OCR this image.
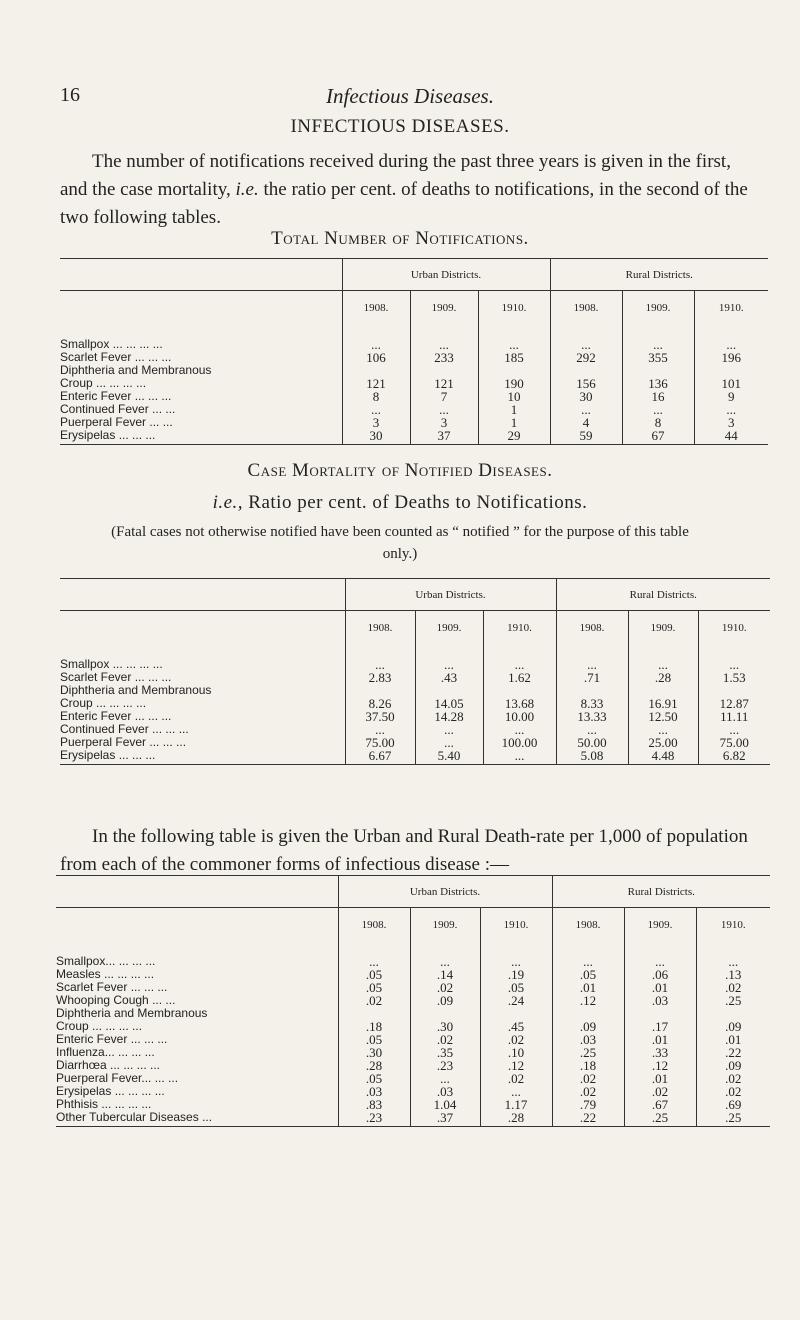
16	Infectious Diseases.
INFECTIOUS DISEASES.

The number of notifications received during the past three years is given in the first, and the case mortality, i.e. the ratio per cent. of deaths to notifications, in the second of the two following tables.

Total Number of Notifications.
	Urban Districts.			Rural Districts.		
	1908.	1909.	1910.	1908.	1909.	1910.

Smallpox ... ... ... ...	...	...	...	...	...	...
Scarlet Fever ... ... ...	106	233	185	292	355	196
Diphtheria and Membranous						
Croup ... ... ... ...	121	121	190	156	136	101
Enteric Fever ... ... ...	8	7	10	30	16	9
Continued Fever ... ...	...	...	1	...	...	...
Puerperal Fever ... ...	3	3	1	4	8	3
Erysipelas ... ... ...	30	37	29	59	67	44

Case Mortality of Notified Diseases.
i.e., Ratio per cent. of Deaths to Notifications.

(Fatal cases not otherwise notified have been counted as “ notified ” for the purpose of this table only.)

	Urban Districts.			Rural Districts.		
	1908.	1909.	1910.	1908.	1909.	1910.

Smallpox ... ... ... ...	...	...	...	...	...	...
Scarlet Fever ... ... ...	2.83	.43	1.62	.71	.28	1.53
Diphtheria and Membranous						
Croup ... ... ... ...	8.26	14.05	13.68	8.33	16.91	12.87
Enteric Fever ... ... ...	37.50	14.28	10.00	13.33	12.50	11.11
Continued Fever ... ... ...	...	...	...	...	...	...
Puerperal Fever ... ... ...	75.00	...	100.00	50.00	25.00	75.00
Erysipelas ... ... ...	6.67	5.40	...	5.08	4.48	6.82

In the following table is given the Urban and Rural Death-rate per 1,000 of population from each of the commoner forms of infectious disease :—

	Urban Districts.			Rural Districts.		
	1908.	1909.	1910.	1908.	1909.	1910.

Smallpox... ... ... ...	...	...	...	...	...	...
Measles ... ... ... ...	.05	.14	.19	.05	.06	.13
Scarlet Fever ... ... ...	.05	.02	.05	.01	.01	.02
Whooping Cough ... ...	.02	.09	.24	.12	.03	.25
Diphtheria and Membranous						
Croup ... ... ... ...	.18	.30	.45	.09	.17	.09
Enteric Fever ... ... ...	.05	.02	.02	.03	.01	.01
Influenza... ... ... ...	.30	.35	.10	.25	.33	.22
Diarrhœa ... ... ... ...	.28	.23	.12	.18	.12	.09
Puerperal Fever... ... ...	.05	...	.02	.02	.01	.02
Erysipelas ... ... ... ...	.03	.03	...	.02	.02	.02
Phthisis ... ... ... ...	.83	1.04	1.17	.79	.67	.69
Other Tubercular Diseases ...	.23	.37	.28	.22	.25	.25
